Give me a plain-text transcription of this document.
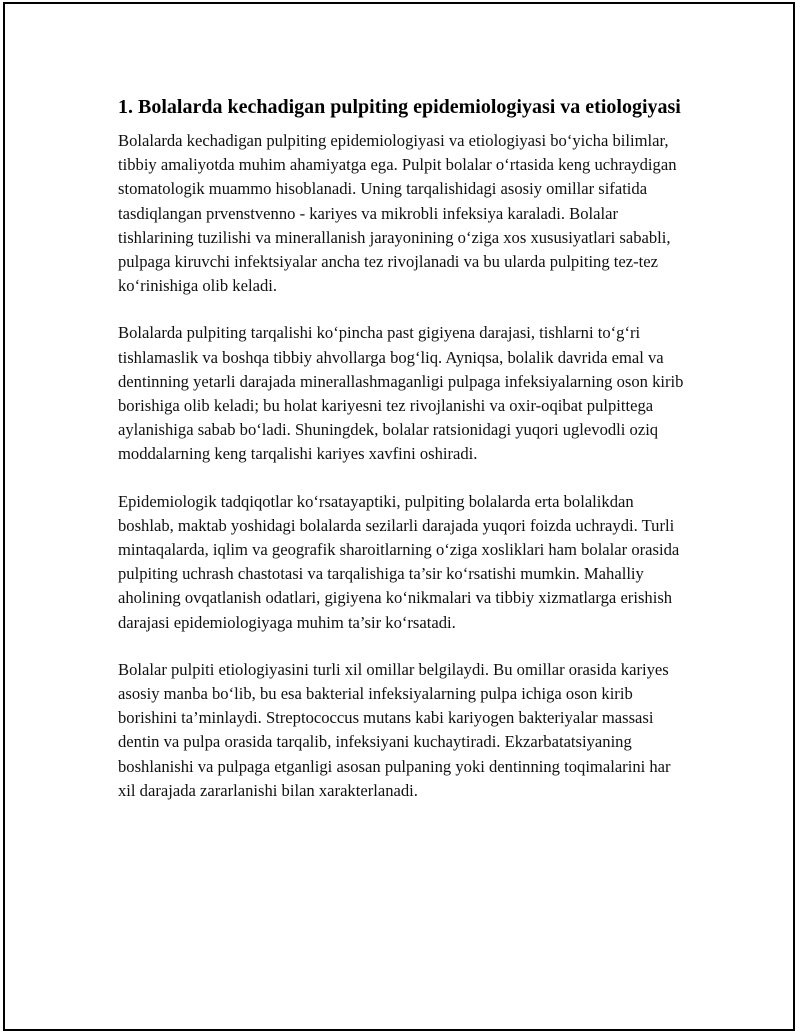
1. Bolalarda kechadigan pulpiting epidemiologiyasi va etiologiyasi

Bolalarda kechadigan pulpiting epidemiologiyasi va etiologiyasi bo‘yicha bilimlar, tibbiy amaliyotda muhim ahamiyatga ega. Pulpit bolalar o‘rtasida keng uchraydigan stomatologik muammo hisoblanadi. Uning tarqalishidagi asosiy omillar sifatida tasdiqlangan prvenstvenno - kariyes va mikrobli infeksiya karaladi. Bolalar tishlarining tuzilishi va minerallanish jarayonining o‘ziga xos xususiyatlari sababli, pulpaga kiruvchi infektsiyalar ancha tez rivojlanadi va bu ularda pulpiting tez-tez ko‘rinishiga olib keladi.

Bolalarda pulpiting tarqalishi ko‘pincha past gigiyena darajasi, tishlarni to‘g‘ri tishlamaslik va boshqa tibbiy ahvollarga bog‘liq. Ayniqsa, bolalik davrida emal va dentinning yetarli darajada minerallashmaganligi pulpaga infeksiyalarning oson kirib borishiga olib keladi; bu holat kariyesni tez rivojlanishi va oxir-oqibat pulpittega aylanishiga sabab bo‘ladi. Shuningdek, bolalar ratsionidagi yuqori uglevodli oziq moddalarning keng tarqalishi kariyes xavfini oshiradi.

Epidemiologik tadqiqotlar ko‘rsatayaptiki, pulpiting bolalarda erta bolalikdan boshlab, maktab yoshidagi bolalarda sezilarli darajada yuqori foizda uchraydi. Turli mintaqalarda, iqlim va geografik sharoitlarning o‘ziga xosliklari ham bolalar orasida pulpiting uchrash chastotasi va tarqalishiga ta’sir ko‘rsatishi mumkin. Mahalliy aholining ovqatlanish odatlari, gigiyena ko‘nikmalari va tibbiy xizmatlarga erishish darajasi epidemiologiyaga muhim ta’sir ko‘rsatadi.

Bolalar pulpiti etiologiyasini turli xil omillar belgilaydi. Bu omillar orasida kariyes asosiy manba bo‘lib, bu esa bakterial infeksiyalarning pulpa ichiga oson kirib borishini ta’minlaydi. Streptococcus mutans kabi kariyogen bakteriyalar massasi dentin va pulpa orasida tarqalib, infeksiyani kuchaytiradi. Ekzarbatatsiyaning boshlanishi va pulpaga etganligi asosan pulpaning yoki dentinning toqimalarini har xil darajada zararlanishi bilan xarakterlanadi.
